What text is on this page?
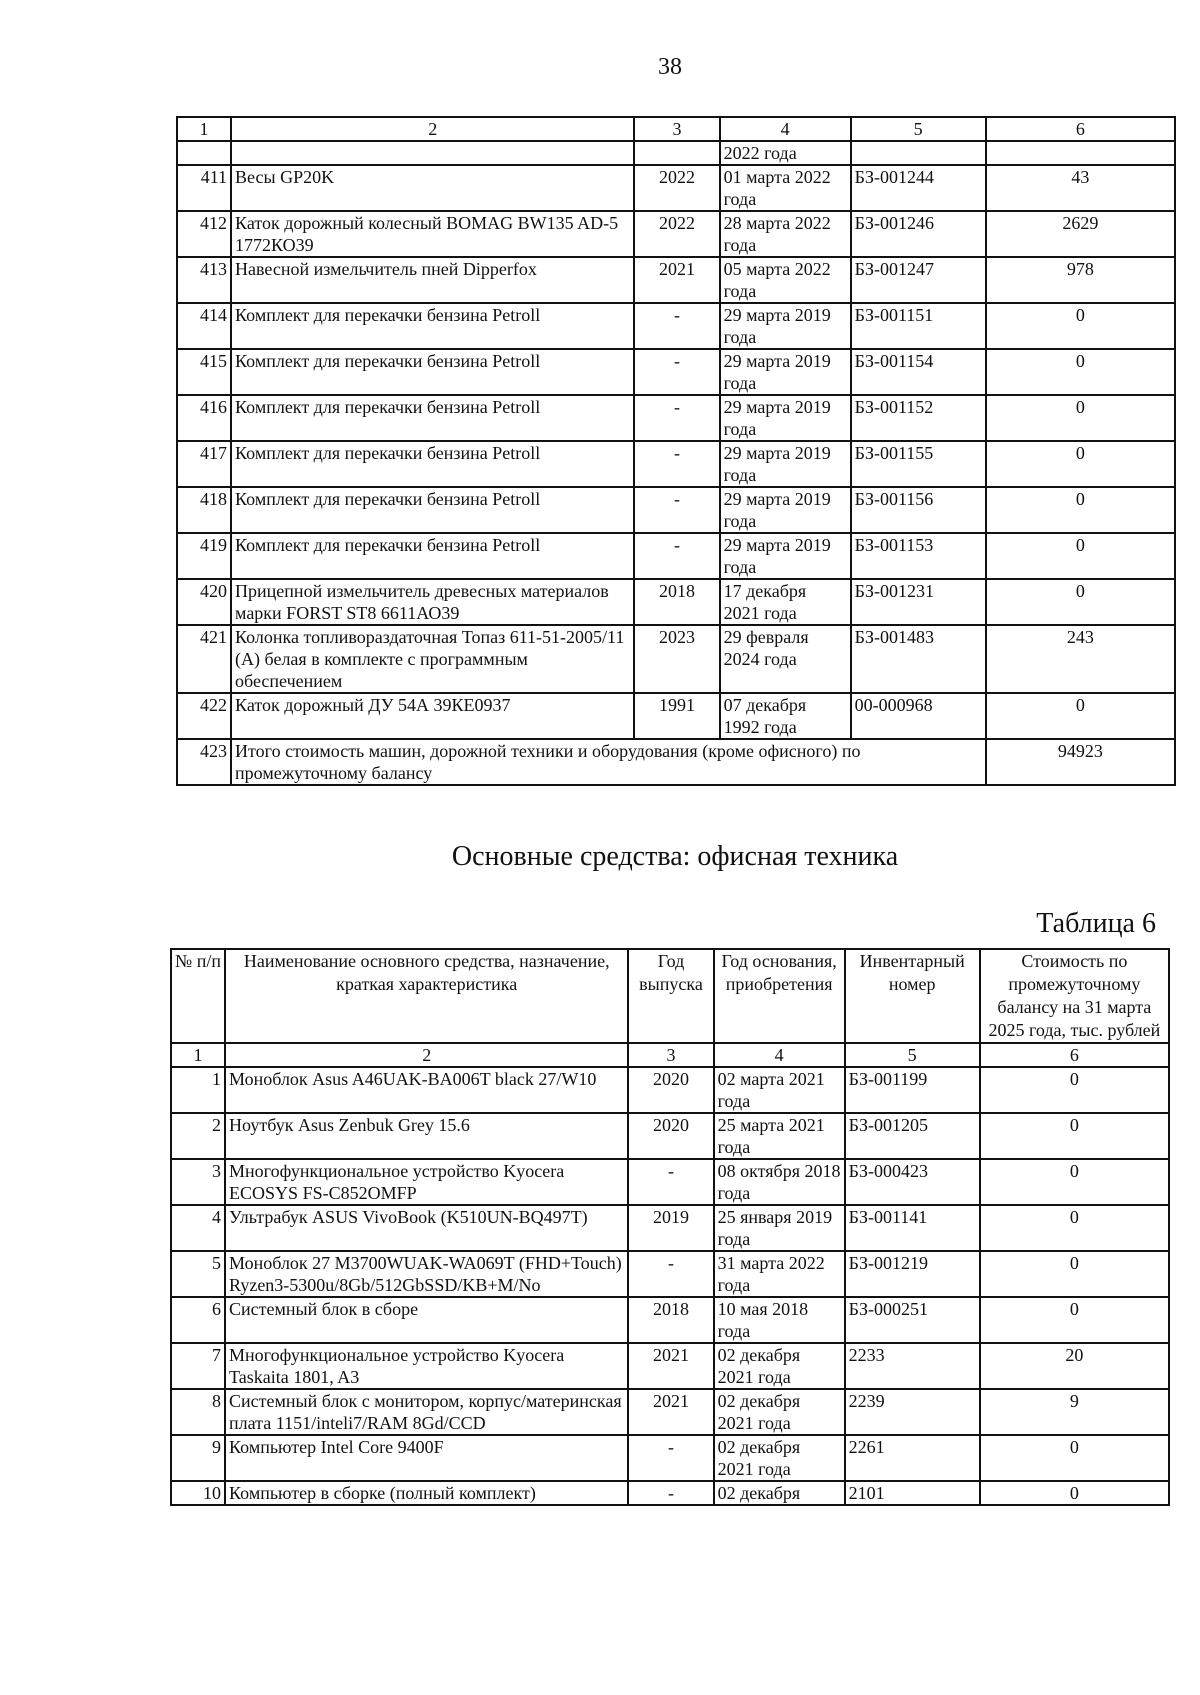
38
1	2	3	4	5	6
			2022 года		
411	Весы GP20K	2022	01 марта 2022 года	БЗ-001244	43
412	Каток дорожный колесный BOMAG BW135 AD-5 1772КО39	2022	28 марта 2022 года	БЗ-001246	2629
413	Навесной измельчитель пней Dipperfox	2021	05 марта 2022 года	БЗ-001247	978
414	Комплект для перекачки бензина Petroll	-	29 марта 2019 года	БЗ-001151	0
415	Комплект для перекачки бензина Petroll	-	29 марта 2019 года	БЗ-001154	0
416	Комплект для перекачки бензина Petroll	-	29 марта 2019 года	БЗ-001152	0
417	Комплект для перекачки бензина Petroll	-	29 марта 2019 года	БЗ-001155	0
418	Комплект для перекачки бензина Petroll	-	29 марта 2019 года	БЗ-001156	0
419	Комплект для перекачки бензина Petroll	-	29 марта 2019 года	БЗ-001153	0
420	Прицепной измельчитель древесных материалов марки FORST ST8 6611АО39	2018	17 декабря 2021 года	БЗ-001231	0
421	Колонка топливораздаточная Топаз 611-51-2005/11 (А) белая в комплекте с программным обеспечением	2023	29 февраля 2024 года	БЗ-001483	243
422	Каток дорожный ДУ 54А 39КЕ0937	1991	07 декабря 1992 года	00-000968	0
423	Итого стоимость машин, дорожной техники и оборудования (кроме офисного) по промежуточному балансу				94923
Основные средства: офисная техника
Таблица 6
№ п/п	Наименование основного средства, назначение, краткая характеристика	Год выпуска	Год основания, приобретения	Инвентарный номер	Стоимость по промежуточному балансу на 31 марта 2025 года, тыс. рублей
1	2	3	4	5	6
1	Моноблок Asus A46UAK-BA006T black 27/W10	2020	02 марта 2021 года	БЗ-001199	0
2	Ноутбук Asus Zenbuk Grey 15.6	2020	25 марта 2021 года	БЗ-001205	0
3	Многофункциональное устройство Kyocera ECOSYS FS-C852OMFP	-	08 октября 2018 года	БЗ-000423	0
4	Ультрабук ASUS VivoBook (K510UN-BQ497T)	2019	25 января 2019 года	БЗ-001141	0
5	Моноблок 27 M3700WUAK-WA069T (FHD+Touch) Ryzen3-5300u/8Gb/512GbSSD/KB+M/No	-	31 марта 2022 года	БЗ-001219	0
6	Системный блок в сборе	2018	10 мая 2018 года	БЗ-000251	0
7	Многофункциональное устройство Kyocera Taskaita 1801, A3	2021	02 декабря 2021 года	2233	20
8	Системный блок с монитором, корпус/материнская плата 1151/inteli7/RAM 8Gd/CCD	2021	02 декабря 2021 года	2239	9
9	Компьютер Intel Core 9400F	-	02 декабря 2021 года	2261	0
10	Компьютер в сборке (полный комплект)	-	02 декабря	2101	0
